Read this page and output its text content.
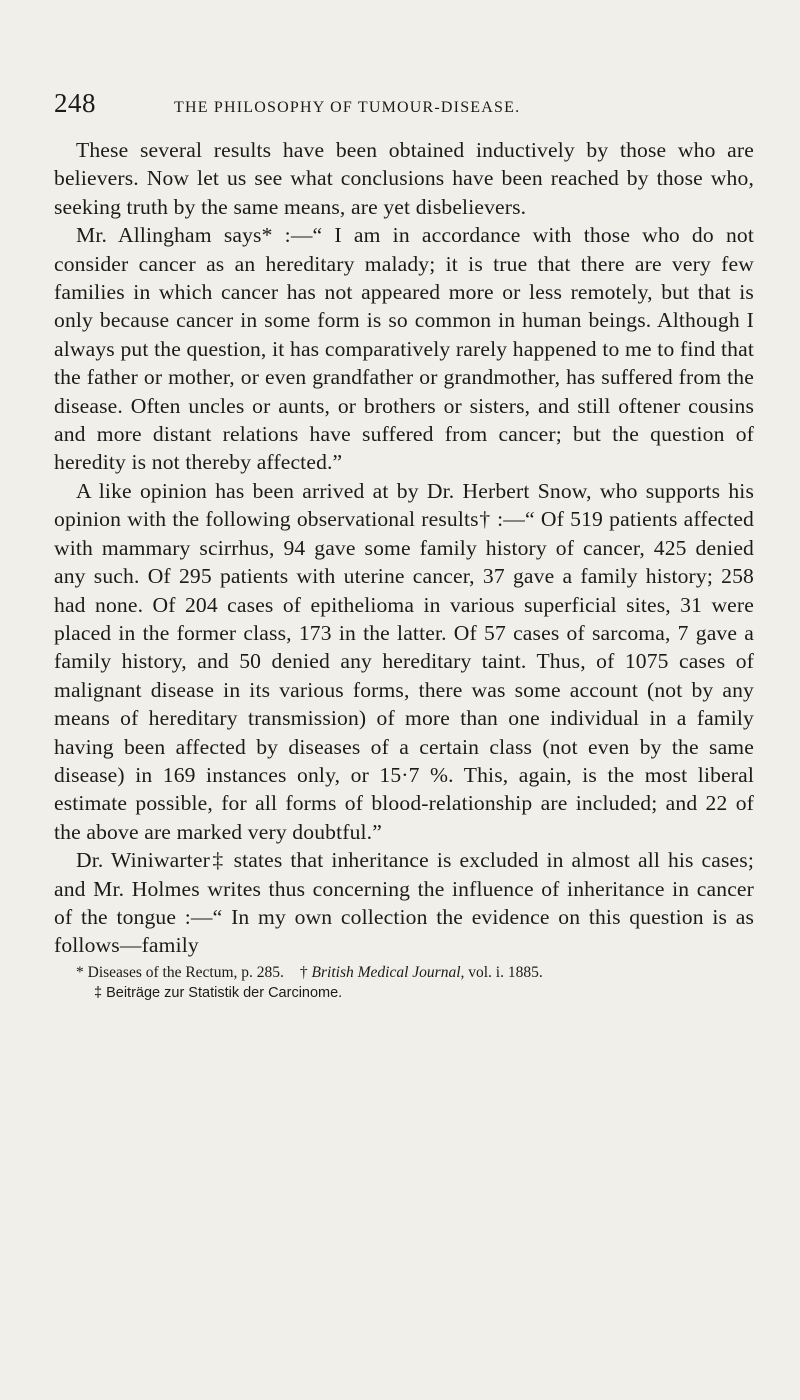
248	THE PHILOSOPHY OF TUMOUR-DISEASE.

These several results have been obtained inductively by those who are believers. Now let us see what conclusions have been reached by those who, seeking truth by the same means, are yet disbelievers.

Mr. Allingham says* :—“ I am in accordance with those who do not consider cancer as an hereditary malady; it is true that there are very few families in which cancer has not appeared more or less remotely, but that is only because cancer in some form is so common in human beings. Although I always put the question, it has comparatively rarely happened to me to find that the father or mother, or even grandfather or grandmother, has suffered from the disease. Often uncles or aunts, or brothers or sisters, and still oftener cousins and more distant relations have suffered from cancer; but the question of heredity is not thereby affected.”

A like opinion has been arrived at by Dr. Herbert Snow, who supports his opinion with the following observational results† :—“ Of 519 patients affected with mammary scirrhus, 94 gave some family history of cancer, 425 denied any such. Of 295 patients with uterine cancer, 37 gave a family history; 258 had none. Of 204 cases of epithelioma in various superficial sites, 31 were placed in the former class, 173 in the latter. Of 57 cases of sarcoma, 7 gave a family history, and 50 denied any hereditary taint. Thus, of 1075 cases of malignant disease in its various forms, there was some account (not by any means of hereditary transmission) of more than one individual in a family having been affected by diseases of a certain class (not even by the same disease) in 169 instances only, or 15·7 %. This, again, is the most liberal estimate possible, for all forms of blood-relationship are included; and 22 of the above are marked very doubtful.”

Dr. Winiwarter‡ states that inheritance is excluded in almost all his cases; and Mr. Holmes writes thus concerning the influence of inheritance in cancer of the tongue :—“ In my own collection the evidence on this question is as follows—family

* Diseases of the Rectum, p. 285. † British Medical Journal, vol. i. 1885.
‡ Beiträge zur Statistik der Carcinome.
